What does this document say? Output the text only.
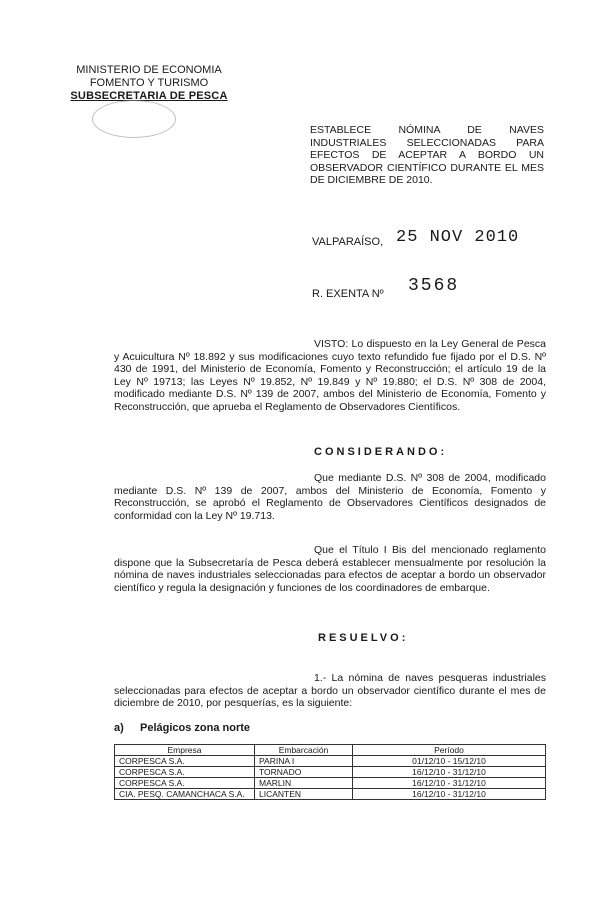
MINISTERIO DE ECONOMIA
FOMENTO Y TURISMO
SUBSECRETARIA DE PESCA
ESTABLECE NÓMINA DE NAVES INDUSTRIALES SELECCIONADAS PARA EFECTOS DE ACEPTAR A BORDO UN OBSERVADOR CIENTÍFICO DURANTE EL MES DE DICIEMBRE DE 2010.
VALPARAÍSO, 25 NOV 2010
R. EXENTA Nº 3568
VISTO: Lo dispuesto en la Ley General de Pesca y Acuicultura Nº 18.892 y sus modificaciones cuyo texto refundido fue fijado por el D.S. Nº 430 de 1991, del Ministerio de Economía, Fomento y Reconstrucción; el artículo 19 de la Ley Nº 19713; las Leyes Nº 19.852, Nº 19.849 y Nº 19.880; el D.S. Nº 308 de 2004, modificado mediante D.S. Nº 139 de 2007, ambos del Ministerio de Economía, Fomento y Reconstrucción, que aprueba el Reglamento de Observadores Científicos.
CONSIDERANDO:
Que mediante D.S. Nº 308 de 2004, modificado mediante D.S. Nº 139 de 2007, ambos del Ministerio de Economía, Fomento y Reconstrucción, se aprobó el Reglamento de Observadores Científicos designados de conformidad con la Ley Nº 19.713.
Que el Título I Bis del mencionado reglamento dispone que la Subsecretaría de Pesca deberá establecer mensualmente por resolución la nómina de naves industriales seleccionadas para efectos de aceptar a bordo un observador científico y regula la designación y funciones de los coordinadores de embarque.
RESUELVO:
1.- La nómina de naves pesqueras industriales seleccionadas para efectos de aceptar a bordo un observador científico durante el mes de diciembre de 2010, por pesquerías, es la siguiente:
a) Pelágicos zona norte
Empresa	Embarcación	Período
CORPESCA S.A.	PARINA I	01/12/10 - 15/12/10
CORPESCA S.A.	TORNADO	16/12/10 - 31/12/10
CORPESCA S.A.	MARLIN	16/12/10 - 31/12/10
CIA. PESQ. CAMANCHACA S.A.	LICANTEN	16/12/10 - 31/12/10
